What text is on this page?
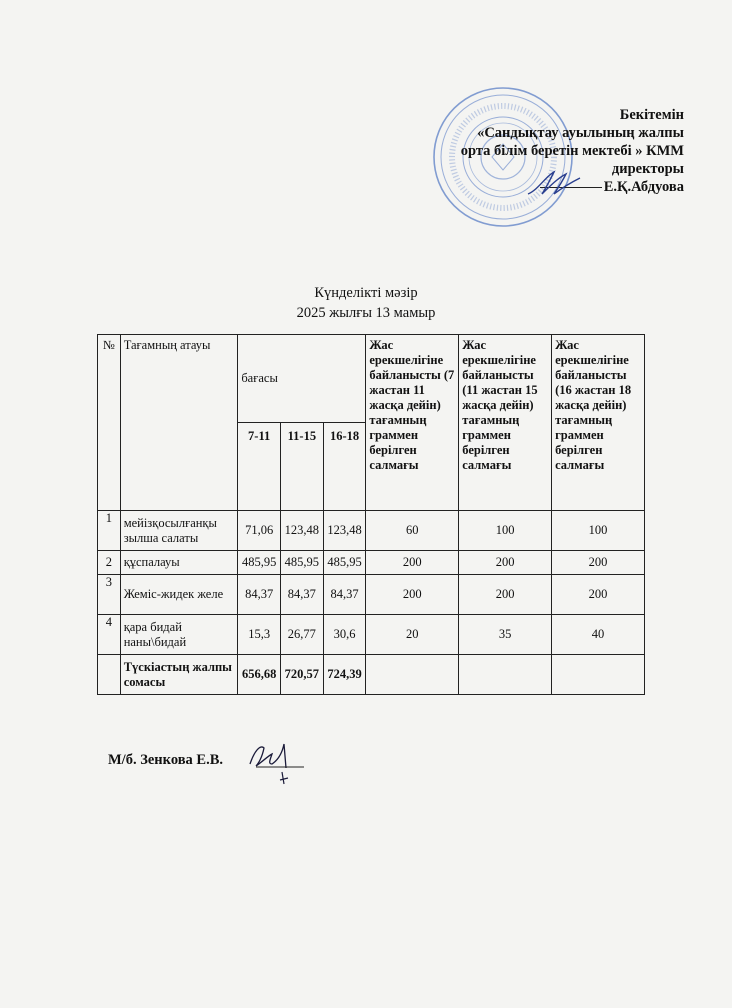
Бекітемін
«Сандықтау ауылының жалпы
орта білім беретін мектебі » КММ
директоры
Е.Қ.Абдуова
Күнделікті мәзір
2025 жылғы 13 мамыр
№	Тағамның атауы	бағасы			Жас ерекшелігіне байланысты (7 жастан 11 жасқа дейін) тағамның граммен берілген салмағы	Жас ерекшелігіне байланысты (11 жастан 15 жасқа дейін) тағамның граммен берілген салмағы	Жас ерекшелігіне байланысты (16 жастан 18 жасқа дейін) тағамның граммен берілген салмағы
		7-11	11-15	16-18			
1	мейізқосылғанқы зылша салаты	71,06	123,48	123,48	60	100	100
2	құспалауы	485,95	485,95	485,95	200	200	200
3	Жеміс-жидек желе	84,37	84,37	84,37	200	200	200
4	қара бидай наны\бидай	15,3	26,77	30,6	20	35	40
	Түскіастың жалпы сомасы	656,68	720,57	724,39			
М/б. Зенкова Е.В.
